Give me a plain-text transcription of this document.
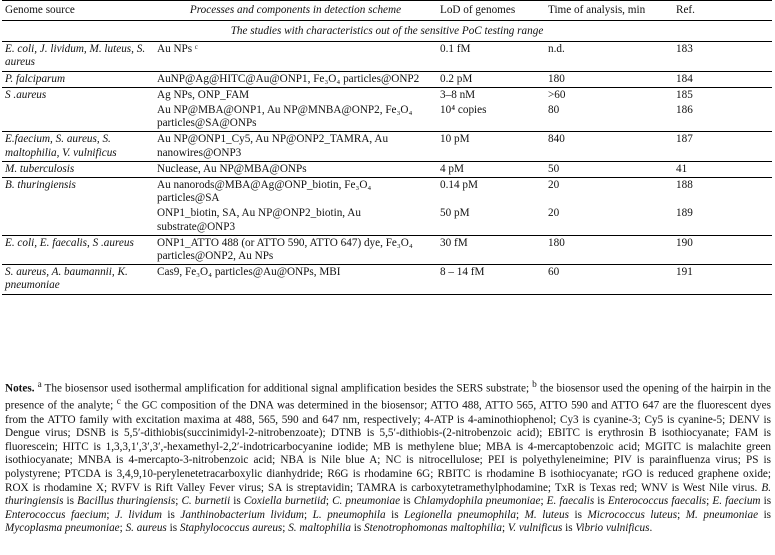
Genome source	Processes and components in detection scheme	LoD of genomes	Time of analysis, min	Ref.
The studies with characteristics out of the sensitive PoC testing range				
E. coli, J. lividum, M. luteus, S. aureus	Au NPs ᶜ	0.1 fM	n.d.	183
P. falciparum	AuNP@Ag@HITC@Au@ONP1, Fe₃O₄ particles@ONP2	0.2 pM	180	184
S .aureus	Ag NPs, ONP_FAM	3–8 nM	>60	185
	Au NP@MBA@ONP1, Au NP@MNBA@ONP2, Fe₃O₄ particles@SA@ONPs	10⁴ copies	80	186
E.faecium, S. aureus, S. maltophilia, V. vulnificus	Au NP@ONP1_Cy5, Au NP@ONP2_TAMRA, Au nanowires@ONP3	10 pM	840	187
M. tuberculosis	Nuclease, Au NP@MBA@ONPs	4 pM	50	41
B. thuringiensis	Au nanorods@MBA@Ag@ONP_biotin, Fe₃O₄ particles@SA	0.14 pM	20	188
	ONP1_biotin, SA, Au NP@ONP2_biotin, Au substrate@ONP3	50 pM	20	189
E. coli, E. faecalis, S .aureus	ONP1_ATTO 488 (or ATTO 590, ATTO 647) dye, Fe₃O₄ particles@ONP2, Au NPs	30 fM	180	190
S. aureus, A. baumannii, K. pneumoniae	Cas9, Fe₃O₄ particles@Au@ONPs, MBI	8 – 14 fM	60	191
Notes. $^a$ The biosensor used isothermal amplification for additional signal amplification besides the SERS substrate; $^b$ the biosensor used the opening of the hairpin in the presence of the analyte; $^c$ the GC composition of the DNA was determined in the biosensor; ATTO 488, ATTO 565, ATTO 590 and ATTO 647 are the fluorescent dyes from the ATTO family with excitation maxima at 488, 565, 590 and 647 nm, respectively; 4-ATP is 4-aminothiophenol; Cy3 is cyanine-3; Cy5 is cyanine-5; DENV is Dengue virus; DSNB is 5,5′-dithiobis(succinimidyl-2-nitrobenzoate); DTNB is 5,5′-dithiobis-(2-nitrobenzoic acid); EBITC is erythrosin B isothiocyanate; FAM is fluorescein; HITC is 1,3,3,1′,3′,3′,-hexamethyl-2,2′-indotricarbocyanine iodide; MB is methylene blue; MBA is 4-mercaptobenzoic acid; MGITC is malachite green isothiocyanate; MNBA is 4-mercapto-3-nitrobenzoic acid; NBA is Nile blue A; NC is nitrocellulose; PEI is polyethyleneimine; PIV is parainfluenza virus; PS is polystyrene; PTCDA is 3,4,9,10-perylenetetracarboxylic dianhydride; R6G is rhodamine 6G; RBITC is rhodamine B isothiocyanate; rGO is reduced graphene oxide; ROX is rhodamine X; RVFV is Rift Valley Fever virus; SA is streptavidin; TAMRA is carboxytetramethylphodamine; TxR is Texas red; WNV is West Nile virus. B. thuringiensis is Bacillus thuringiensis; C. burnetii is Coxiella burnetiid; C. pneumoniae is Chlamydophila pneumoniae; E. faecalis is Enterococcus faecalis; E. faecium is Enterococcus faecium; J. lividum is Janthinobacterium lividum; L. pneumophila is Legionella pneumophila; M. luteus is Micrococcus luteus; M. pneumoniae is Mycoplasma pneumoniae; S. aureus is Staphylococcus aureus; S. maltophilia is Stenotrophomonas maltophilia; V. vulnificus is Vibrio vulnificus.
